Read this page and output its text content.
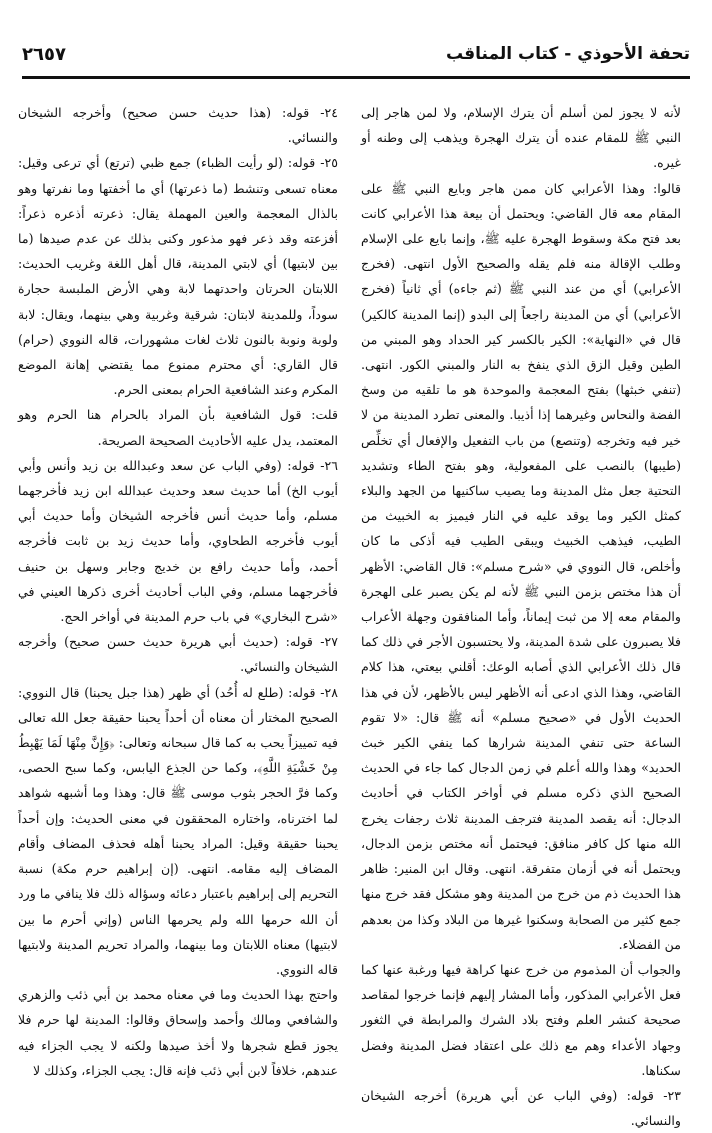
٢٦٥٧	تحفة الأحوذي - كتاب المناقب

لأنه لا يجوز لمن أسلم أن يترك الإسلام، ولا لمن هاجر إلى النبي ﷺ للمقام عنده أن يترك الهجرة ويذهب إلى وطنه أو غيره.

قالوا: وهذا الأعرابي كان ممن هاجر وبايع النبي ﷺ على المقام معه قال القاضي: ويحتمل أن بيعة هذا الأعرابي كانت بعد فتح مكة وسقوط الهجرة عليه ﷺ، وإنما بايع على الإسلام وطلب الإقالة منه فلم يقله والصحيح الأول انتهى. (فخرج الأعرابي) أي من عند النبي ﷺ (ثم جاءه) أي ثانياً (فخرج الأعرابي) أي من المدينة راجعاً إلى البدو (إنما المدينة كالكير) قال في «النهاية»: الكير بالكسر كير الحداد وهو المبني من الطين وقيل الزق الذي ينفخ به النار والمبني الكور. انتهى. (تنفي خبثها) بفتح المعجمة والموحدة هو ما تلقيه من وسخ الفضة والنحاس وغيرهما إذا أذيبا. والمعنى تطرد المدينة من لا خير فيه وتخرجه (وتنصع) من باب التفعيل والإفعال أي تخلِّص (طيبها) بالنصب على المفعولية، وهو بفتح الطاء وتشديد التحتية جعل مثل المدينة وما يصيب ساكنيها من الجهد والبلاء كمثل الكير وما يوقد عليه في النار فيميز به الخبيث من الطيب، فيذهب الخبيث ويبقى الطيب فيه أذكى ما كان وأخلص، قال النووي في «شرح مسلم»: قال القاضي: الأظهر أن هذا مختص بزمن النبي ﷺ لأنه لم يكن يصبر على الهجرة والمقام معه إلا من ثبت إيماناً، وأما المنافقون وجهلة الأعراب فلا يصبرون على شدة المدينة، ولا يحتسبون الأجر في ذلك كما قال ذلك الأعرابي الذي أصابه الوعك: أقلني بيعتي، هذا كلام القاضي، وهذا الذي ادعى أنه الأظهر ليس بالأظهر، لأن في هذا الحديث الأول في «صحيح مسلم» أنه ﷺ قال: «لا تقوم الساعة حتى تنفي المدينة شرارها كما ينفي الكير خبث الحديد» وهذا والله أعلم في زمن الدجال كما جاء في الحديث الصحيح الذي ذكره مسلم في أواخر الكتاب في أحاديث الدجال: أنه يقصد المدينة فترجف المدينة ثلاث رجفات يخرج الله منها كل كافر منافق: فيحتمل أنه مختص بزمن الدجال، ويحتمل أنه في أزمان متفرقة. انتهى. وقال ابن المنير: ظاهر هذا الحديث ذم من خرج من المدينة وهو مشكل فقد خرج منها جمع كثير من الصحابة وسكنوا غيرها من البلاد وكذا من بعدهم من الفضلاء.

والجواب أن المذموم من خرج عنها كراهة فيها ورغبة عنها كما فعل الأعرابي المذكور، وأما المشار إليهم فإنما خرجوا لمقاصد صحيحة كنشر العلم وفتح بلاد الشرك والمرابطة في الثغور وجهاد الأعداء وهم مع ذلك على اعتقاد فضل المدينة وفضل سكناها.

٢٣- قوله: (وفي الباب عن أبي هريرة) أخرجه الشيخان والنسائي.

٢٤- قوله: (هذا حديث حسن صحيح) وأخرجه الشيخان والنسائي.

٢٥- قوله: (لو رأيت الظباء) جمع ظبي (ترتع) أي ترعى وقيل: معناه تسعى وتنشط (ما ذعرتها) أي ما أخفتها وما نفرتها وهو بالذال المعجمة والعين المهملة يقال: ذعرته أذعره ذعراً: أفزعته وقد ذعر فهو مذعور وكنى بذلك عن عدم صيدها (ما بين لابتيها) أي لابتي المدينة، قال أهل اللغة وغريب الحديث: اللابتان الحرتان واحدتهما لابة وهي الأرض الملبسة حجارة سوداً، وللمدينة لابتان: شرقية وغربية وهي بينهما، ويقال: لابة ولوبة ونوبة بالنون ثلاث لغات مشهورات، قاله النووي (حرام) قال القاري: أي محترم ممنوع مما يقتضي إهانة الموضع المكرم وعند الشافعية الحرام بمعنى الحرم.

قلت: قول الشافعية بأن المراد بالحرام هنا الحرم وهو المعتمد، يدل عليه الأحاديث الصحيحة الصريحة.

٢٦- قوله: (وفي الباب عن سعد وعبدالله بن زيد وأنس وأبي أيوب الخ) أما حديث سعد وحديث عبدالله ابن زيد فأخرجهما مسلم، وأما حديث أنس فأخرجه الشيخان وأما حديث أبي أيوب فأخرجه الطحاوي، وأما حديث زيد بن ثابت فأخرجه أحمد، وأما حديث رافع بن خديج وجابر وسهل بن حنيف فأخرجهما مسلم، وفي الباب أحاديث أخرى ذكرها العيني في «شرح البخاري» في باب حرم المدينة في أواخر الحج.

٢٧- قوله: (حديث أبي هريرة حديث حسن صحيح) وأخرجه الشيخان والنسائي.

٢٨- قوله: (طلع له أُحُد) أي ظهر (هذا جبل يحبنا) قال النووي: الصحيح المختار أن معناه أن أحداً يحبنا حقيقة جعل الله تعالى فيه تمييزاً يحب به كما قال سبحانه وتعالى: ﴿وَإِنَّ مِنْهَا لَمَا يَهْبِطُ مِنْ خَشْيَةِ اللَّهِ﴾، وكما حن الجذع اليابس، وكما سبح الحصى، وكما فرَّ الحجر بثوب موسى ﷺ قال: وهذا وما أشبهه شواهد لما اخترناه، واختاره المحققون في معنى الحديث: وإن أحداً يحبنا حقيقة وقيل: المراد يحبنا أهله فحذف المضاف وأقام المضاف إليه مقامه. انتهى. (إن إبراهيم حرم مكة) نسبة التحريم إلى إبراهيم باعتبار دعائه وسؤاله ذلك فلا ينافي ما ورد أن الله حرمها الله ولم يحرمها الناس (وإني أحرم ما بين لابتيها) معناه اللابتان وما بينهما، والمراد تحريم المدينة ولابتيها قاله النووي.

واحتج بهذا الحديث وما في معناه محمد بن أبي ذئب والزهري والشافعي ومالك وأحمد وإسحاق وقالوا: المدينة لها حرم فلا يجوز قطع شجرها ولا أخذ صيدها ولكنه لا يجب الجزاء فيه عندهم، خلافاً لابن أبي ذئب فإنه قال: يجب الجزاء، وكذلك لا
